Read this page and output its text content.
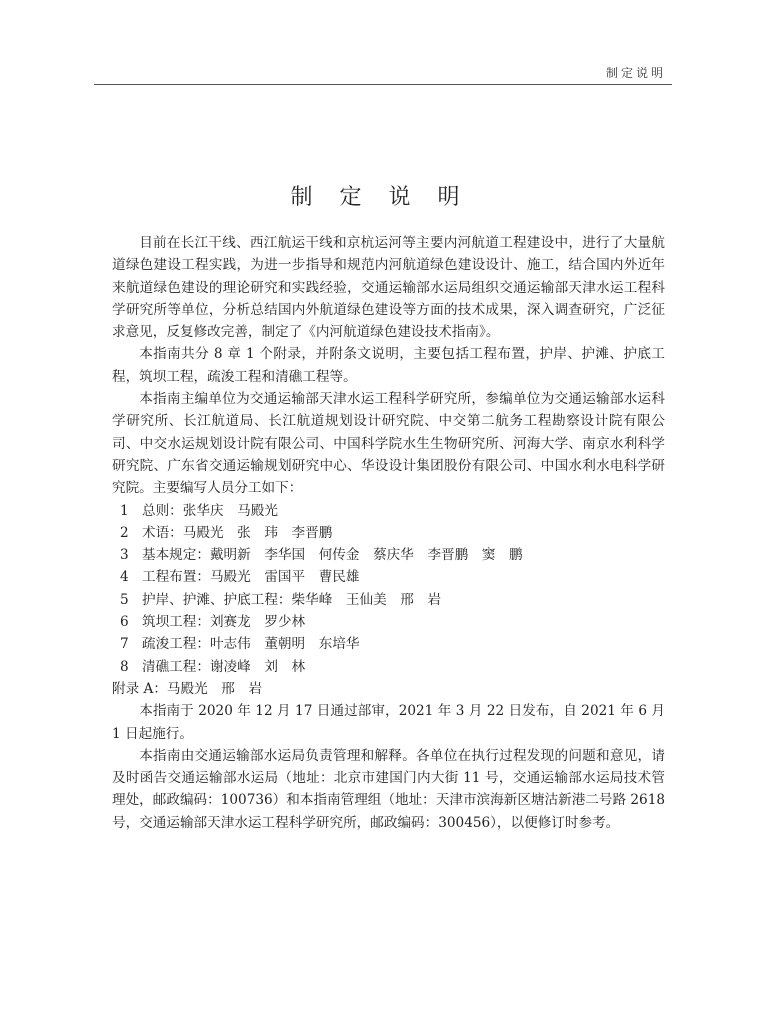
制定说明
制 定 说 明

目前在长江干线、西江航运干线和京杭运河等主要内河航道工程建设中，进行了大量航道绿色建设工程实践，为进一步指导和规范内河航道绿色建设设计、施工，结合国内外近年来航道绿色建设的理论研究和实践经验，交通运输部水运局组织交通运输部天津水运工程科学研究所等单位，分析总结国内外航道绿色建设等方面的技术成果，深入调查研究，广泛征求意见，反复修改完善，制定了《内河航道绿色建设技术指南》。

本指南共分 8 章 1 个附录，并附条文说明，主要包括工程布置，护岸、护滩、护底工程，筑坝工程，疏浚工程和清礁工程等。

本指南主编单位为交通运输部天津水运工程科学研究所，参编单位为交通运输部水运科学研究所、长江航道局、长江航道规划设计研究院、中交第二航务工程勘察设计院有限公司、中交水运规划设计院有限公司、中国科学院水生生物研究所、河海大学、南京水利科学研究院、广东省交通运输规划研究中心、华设设计集团股份有限公司、中国水利水电科学研究院。主要编写人员分工如下：

1 总则：张华庆　马殿光
2 术语：马殿光　张　玮　李晋鹏
3 基本规定：戴明新　李华国　何传金　蔡庆华　李晋鹏　窦　鹏
4 工程布置：马殿光　雷国平　曹民雄
5 护岸、护滩、护底工程：柴华峰　王仙美　邢　岩
6 筑坝工程：刘赛龙　罗少林
7 疏浚工程：叶志伟　董朝明　东培华
8 清礁工程：谢凌峰　刘　林

附录 A：马殿光　邢　岩

本指南于 2020 年 12 月 17 日通过部审，2021 年 3 月 22 日发布，自 2021 年 6 月 1 日起施行。

本指南由交通运输部水运局负责管理和解释。各单位在执行过程发现的问题和意见，请及时函告交通运输部水运局（地址：北京市建国门内大街 11 号，交通运输部水运局技术管理处，邮政编码：100736）和本指南管理组（地址：天津市滨海新区塘沽新港二号路 2618 号，交通运输部天津水运工程科学研究所，邮政编码：300456），以便修订时参考。
